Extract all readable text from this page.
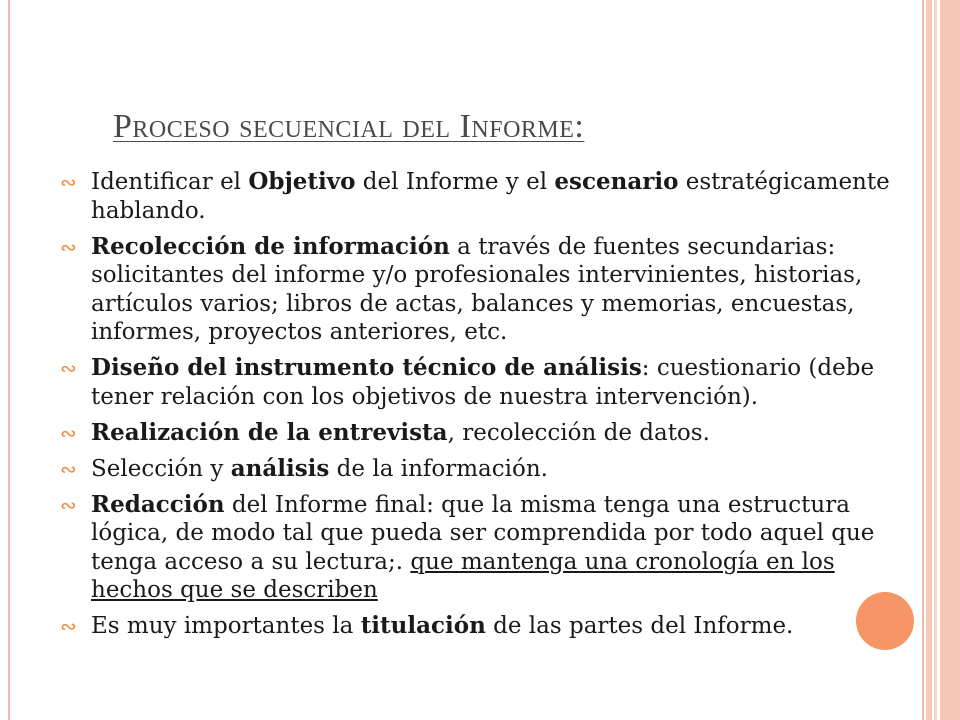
Proceso secuencial del Informe:
∾ Identificar el Objetivo del Informe y el escenario estratégicamente hablando.
∾ Recolección de información a través de fuentes secundarias: solicitantes del informe y/o profesionales intervinientes, historias, artículos varios; libros de actas, balances y memorias, encuestas, informes, proyectos anteriores, etc.
∾ Diseño del instrumento técnico de análisis: cuestionario (debe tener relación con los objetivos de nuestra intervención).
∾ Realización de la entrevista, recolección de datos.
∾ Selección y análisis de la información.
∾ Redacción del Informe final: que la misma tenga una estructura lógica, de modo tal que pueda ser comprendida por todo aquel que tenga acceso a su lectura;. que mantenga una cronología en los hechos que se describen
∾ Es muy importantes la titulación de las partes del Informe.
